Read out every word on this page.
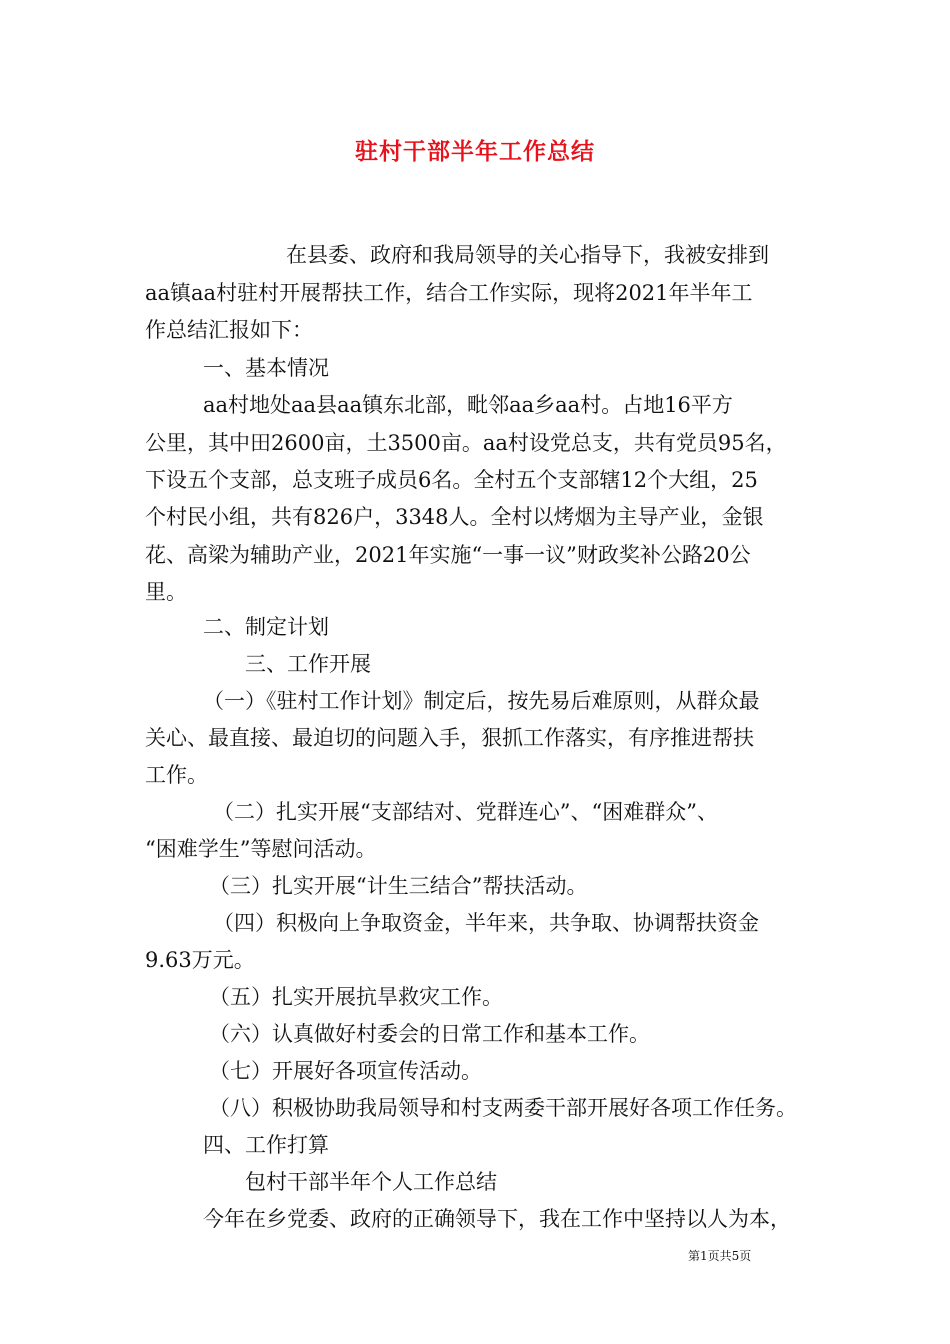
驻村干部半年工作总结

在县委、政府和我局领导的关心指导下，我被安排到

aa镇aa村驻村开展帮扶工作，结合工作实际，现将2021年半年工

作总结汇报如下：

一、基本情况

aa村地处aa县aa镇东北部，毗邻aa乡aa村。占地16平方

公里，其中田2600亩，土3500亩。aa村设党总支，共有党员95名，

下设五个支部，总支班子成员6名。全村五个支部辖12个大组，25

个村民小组，共有826户，3348人。全村以烤烟为主导产业，金银

花、高梁为辅助产业，2021年实施“一事一议”财政奖补公路20公

里。

二、制定计划

三、工作开展

（一）《驻村工作计划》制定后，按先易后难原则，从群众最

关心、最直接、最迫切的问题入手，狠抓工作落实，有序推进帮扶

工作。

（二）扎实开展“支部结对、党群连心”、“困难群众”、

“困难学生”等慰问活动。

（三）扎实开展“计生三结合”帮扶活动。

（四）积极向上争取资金，半年来，共争取、协调帮扶资金

9.63万元。

（五）扎实开展抗旱救灾工作。

（六）认真做好村委会的日常工作和基本工作。

（七）开展好各项宣传活动。

（八）积极协助我局领导和村支两委干部开展好各项工作任务。

四、工作打算

包村干部半年个人工作总结

今年在乡党委、政府的正确领导下，我在工作中坚持以人为本，

第1页共5页
